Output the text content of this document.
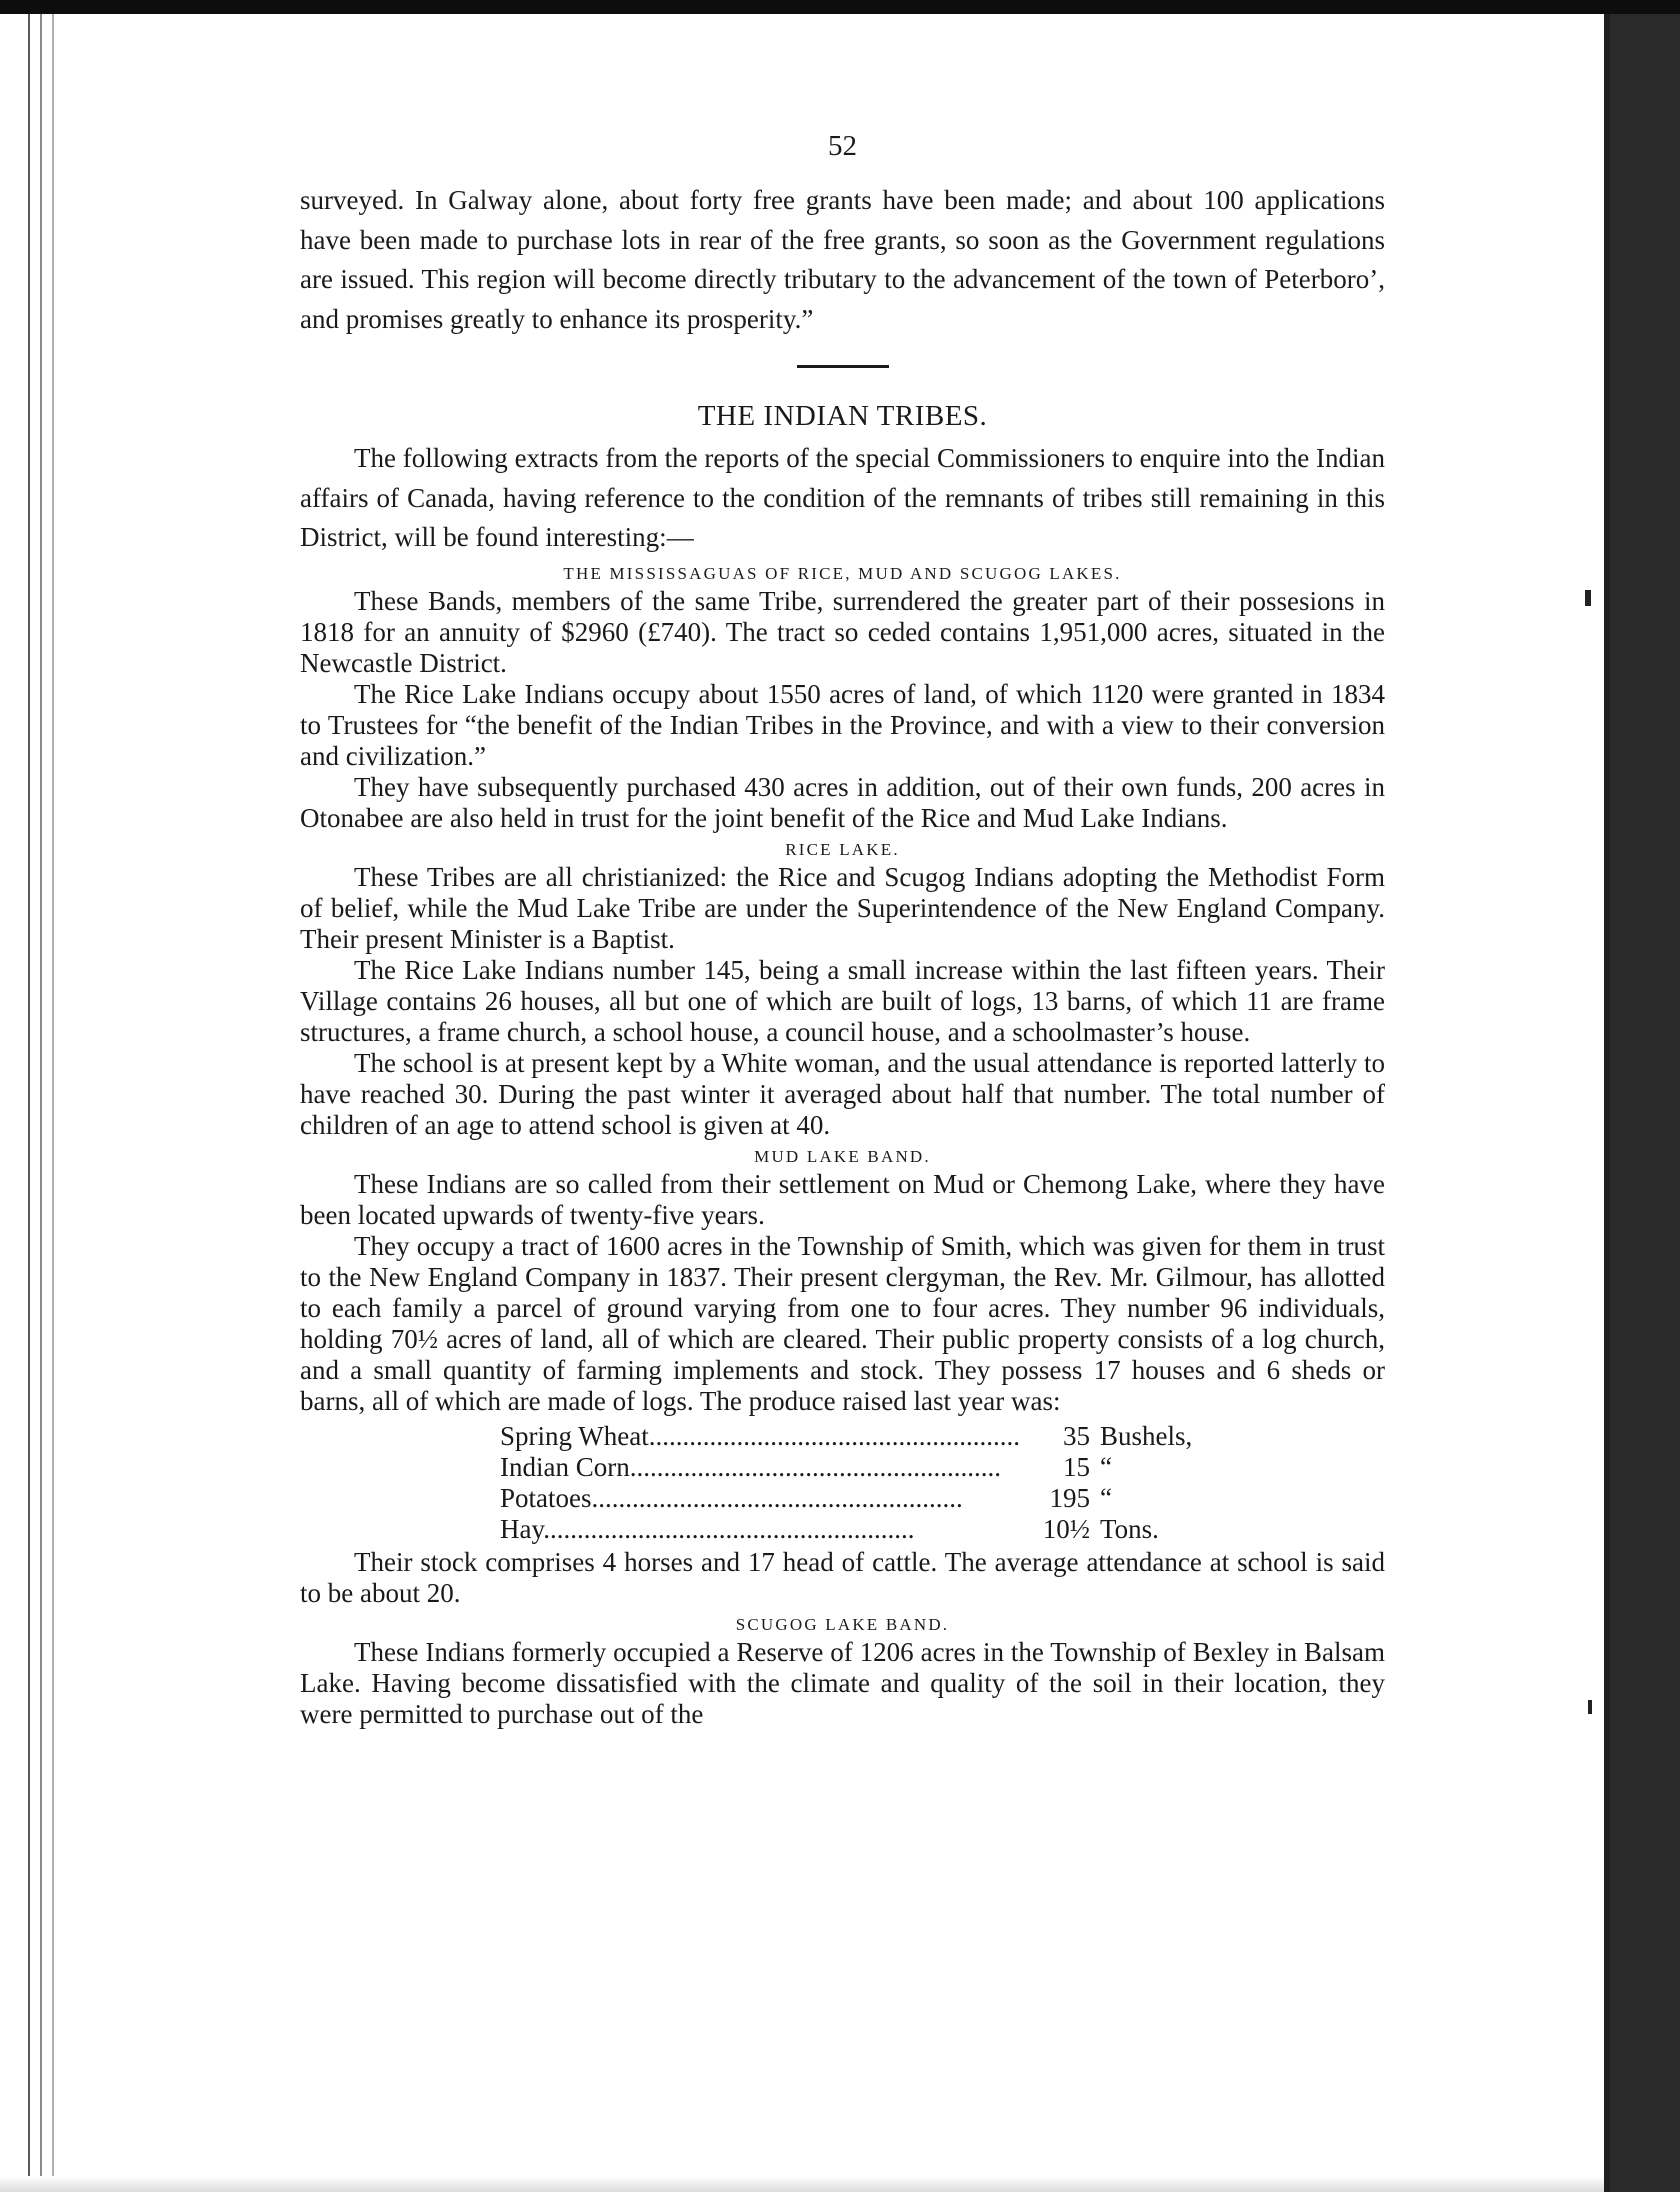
52

surveyed. In Galway alone, about forty free grants have been made; and about 100 applications have been made to purchase lots in rear of the free grants, so soon as the Government regulations are issued. This region will become directly tributary to the advancement of the town of Peterboro’, and promises greatly to enhance its prosperity.”

THE INDIAN TRIBES.

The following extracts from the reports of the special Commissioners to enquire into the Indian affairs of Canada, having reference to the condition of the remnants of tribes still remaining in this District, will be found interesting:—

THE MISSISSAGUAS OF RICE, MUD AND SCUGOG LAKES.

These Bands, members of the same Tribe, surrendered the greater part of their possesions in 1818 for an annuity of $2960 (£740). The tract so ceded contains 1,951,000 acres, situated in the Newcastle District.

The Rice Lake Indians occupy about 1550 acres of land, of which 1120 were granted in 1834 to Trustees for “the benefit of the Indian Tribes in the Province, and with a view to their conversion and civilization.”

They have subsequently purchased 430 acres in addition, out of their own funds, 200 acres in Otonabee are also held in trust for the joint benefit of the Rice and Mud Lake Indians.

RICE LAKE.

These Tribes are all christianized: the Rice and Scugog Indians adopting the Methodist Form of belief, while the Mud Lake Tribe are under the Superintendence of the New England Company. Their present Minister is a Baptist.

The Rice Lake Indians number 145, being a small increase within the last fifteen years. Their Village contains 26 houses, all but one of which are built of logs, 13 barns, of which 11 are frame structures, a frame church, a school house, a council house, and a schoolmaster’s house.

The school is at present kept by a White woman, and the usual attendance is reported latterly to have reached 30. During the past winter it averaged about half that number. The total number of children of an age to attend school is given at 40.

MUD LAKE BAND.

These Indians are so called from their settlement on Mud or Chemong Lake, where they have been located upwards of twenty-five years.

They occupy a tract of 1600 acres in the Township of Smith, which was given for them in trust to the New England Company in 1837. Their present clergyman, the Rev. Mr. Gilmour, has allotted to each family a parcel of ground varying from one to four acres. They number 96 individuals, holding 70½ acres of land, all of which are cleared. Their public property consists of a log church, and a small quantity of farming implements and stock. They possess 17 houses and 6 sheds or barns, all of which are made of logs. The produce raised last year was:

Spring Wheat.......................................................	35 Bushels,
Indian Corn.......................................................	15 “
Potatoes.......................................................	195 “
Hay.......................................................	10½ Tons.

Their stock comprises 4 horses and 17 head of cattle. The average attendance at school is said to be about 20.

SCUGOG LAKE BAND.

These Indians formerly occupied a Reserve of 1206 acres in the Township of Bexley in Balsam Lake. Having become dissatisfied with the climate and quality of the soil in their location, they were permitted to purchase out of the
